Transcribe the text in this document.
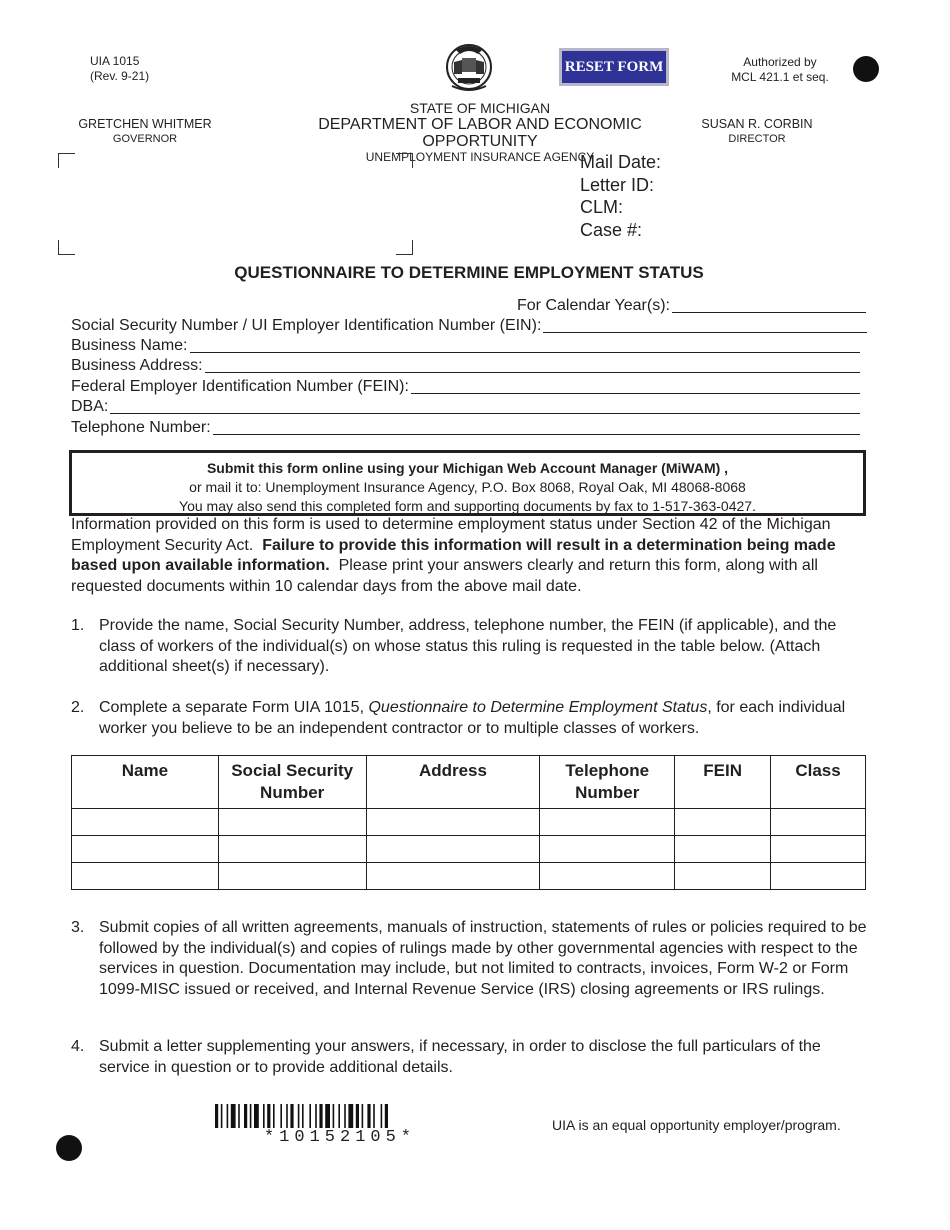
UIA 1015
(Rev. 9-21)
RESET FORM	Authorized by
MCL 421.1 et seq.
STATE OF MICHIGAN
DEPARTMENT OF LABOR AND ECONOMIC OPPORTUNITY
UNEMPLOYMENT INSURANCE AGENCY
GRETCHEN WHITMER
GOVERNOR
SUSAN R. CORBIN
DIRECTOR
Mail Date:
Letter ID:
CLM:
Case #:
QUESTIONNAIRE TO DETERMINE EMPLOYMENT STATUS
For Calendar Year(s):
Social Security Number / UI Employer Identification Number (EIN):
Business Name:
Business Address:
Federal Employer Identification Number (FEIN):
DBA:
Telephone Number:
Submit this form online using your Michigan Web Account Manager (MiWAM) ,
or mail it to: Unemployment Insurance Agency, P.O. Box 8068, Royal Oak, MI 48068-8068
You may also send this completed form and supporting documents by fax to 1-517-363-0427.
Information provided on this form is used to determine employment status under Section 42 of the Michigan Employment Security Act. Failure to provide this information will result in a determination being made based upon available information. Please print your answers clearly and return this form, along with all requested documents within 10 calendar days from the above mail date.
1. Provide the name, Social Security Number, address, telephone number, the FEIN (if applicable), and the class of workers of the individual(s) on whose status this ruling is requested in the table below. (Attach additional sheet(s) if necessary).
2. Complete a separate Form UIA 1015, Questionnaire to Determine Employment Status, for each individual worker you believe to be an independent contractor or to multiple classes of workers.
Name	Social Security Number	Address	Telephone Number	FEIN	Class

3. Submit copies of all written agreements, manuals of instruction, statements of rules or policies required to be followed by the individual(s) and copies of rulings made by other governmental agencies with respect to the services in question. Documentation may include, but not limited to contracts, invoices, Form W-2 or Form 1099-MISC issued or received, and Internal Revenue Service (IRS) closing agreements or IRS rulings.
4. Submit a letter supplementing your answers, if necessary, in order to disclose the full particulars of the service in question or to provide additional details.
*10152105*
UIA is an equal opportunity employer/program.
